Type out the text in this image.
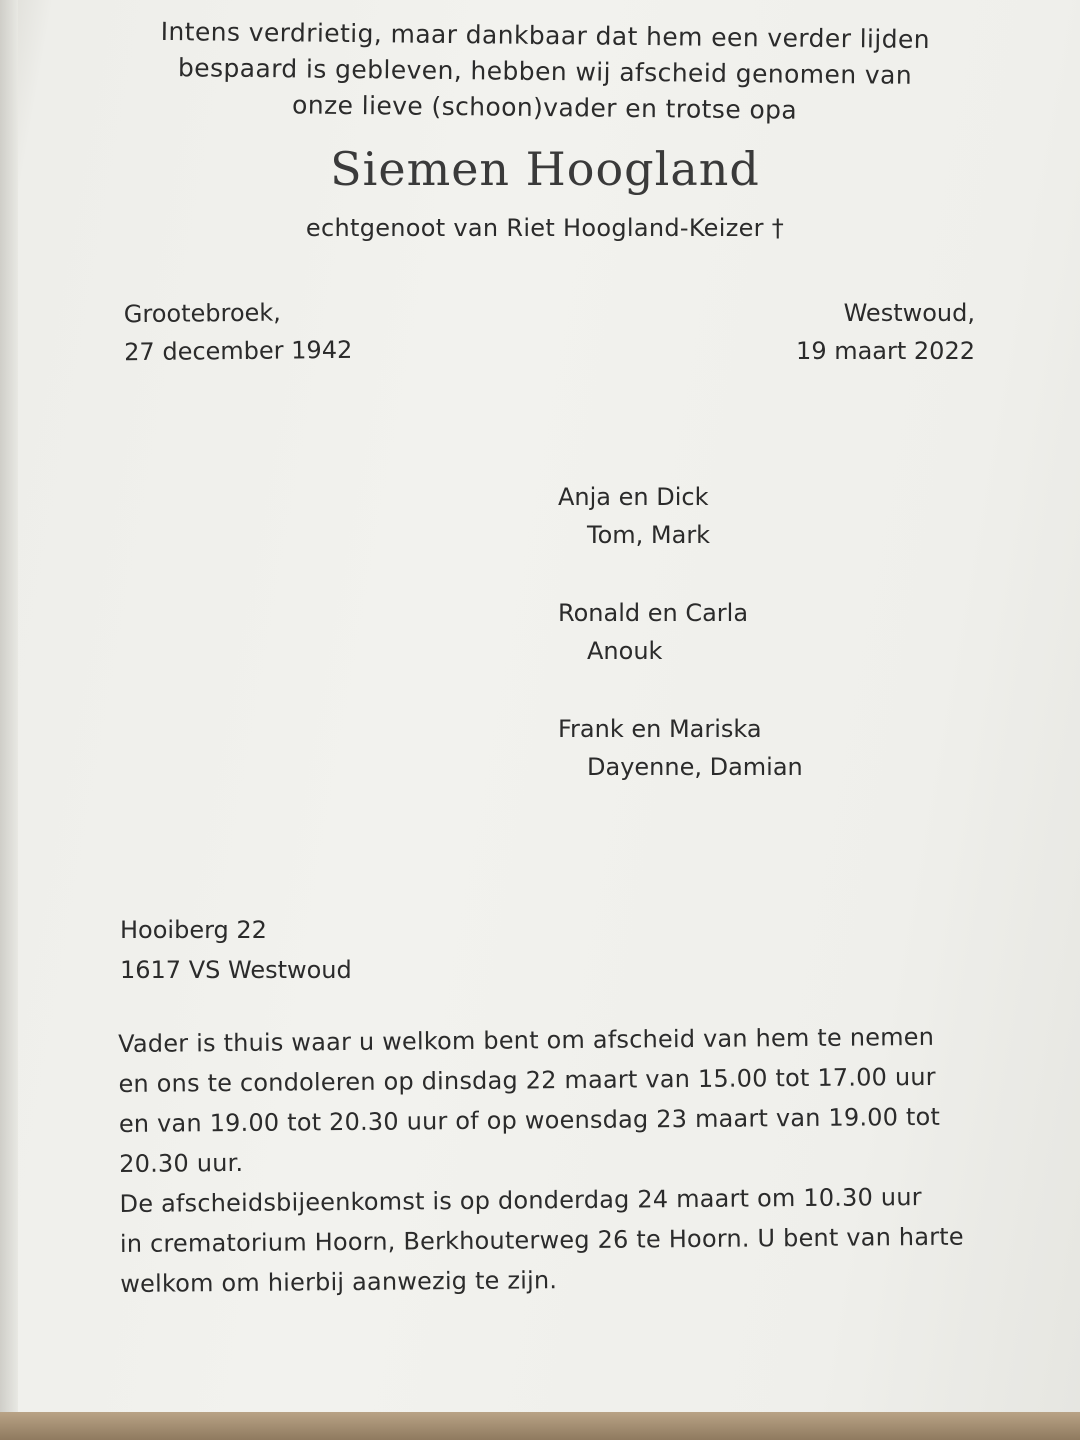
Intens verdrietig, maar dankbaar dat hem een verder lijden
bespaard is gebleven, hebben wij afscheid genomen van
onze lieve (schoon)vader en trotse opa
Siemen Hoogland
echtgenoot van Riet Hoogland-Keizer †
Grootebroek,
27 december 1942
Westwoud,
19 maart 2022
Anja en Dick
Tom, Mark
Ronald en Carla
Anouk
Frank en Mariska
Dayenne, Damian
Hooiberg 22
1617 VS Westwoud
Vader is thuis waar u welkom bent om afscheid van hem te nemen
en ons te condoleren op dinsdag 22 maart van 15.00 tot 17.00 uur
en van 19.00 tot 20.30 uur of op woensdag 23 maart van 19.00 tot
20.30 uur.
De afscheidsbijeenkomst is op donderdag 24 maart om 10.30 uur
in crematorium Hoorn, Berkhouterweg 26 te Hoorn. U bent van harte
welkom om hierbij aanwezig te zijn.
